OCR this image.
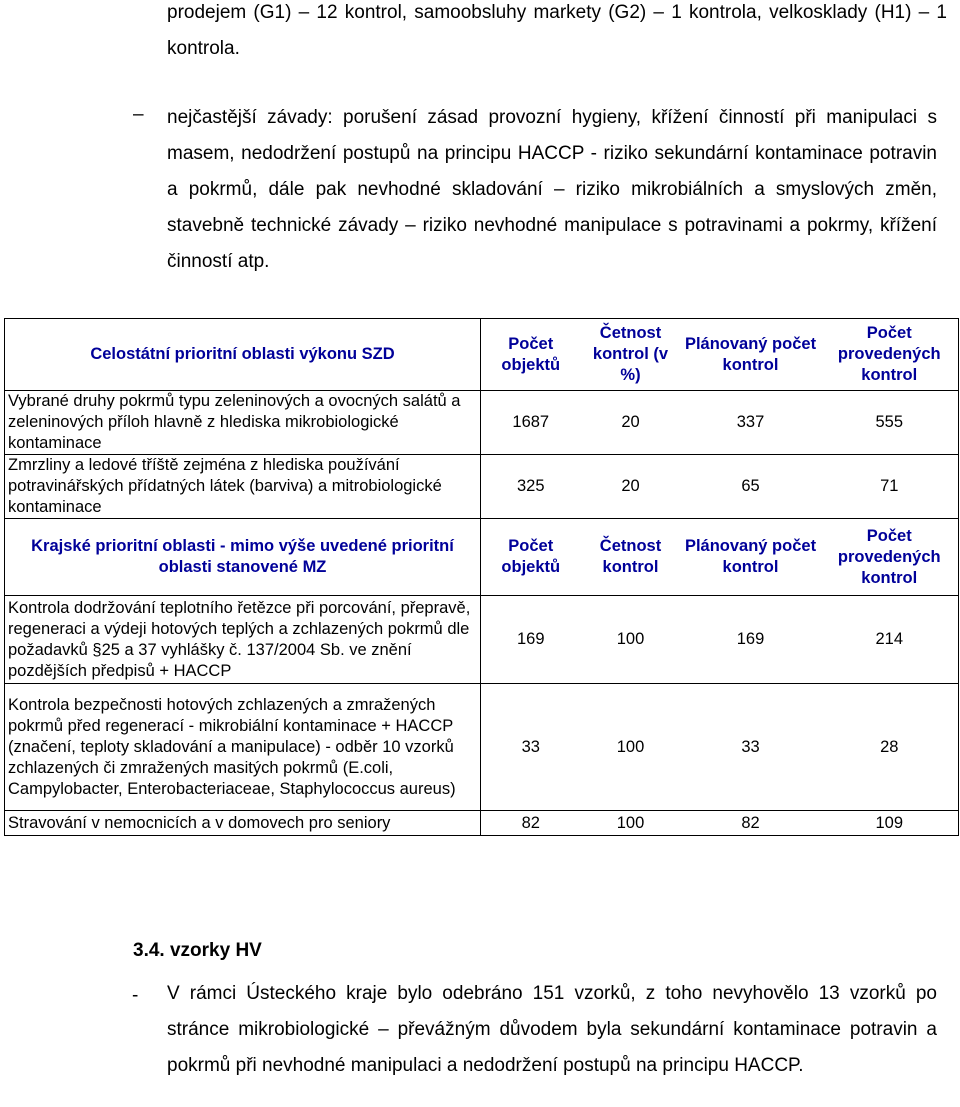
prodejem (G1) – 12 kontrol, samoobsluhy markety (G2) – 1 kontrola, velkosklady (H1) – 1 kontrola.

– nejčastější závady: porušení zásad provozní hygieny, křížení činností při manipulaci s masem, nedodržení postupů na principu HACCP - riziko sekundární kontaminace potravin a pokrmů, dále pak nevhodné skladování – riziko mikrobiálních a smyslových změn, stavebně technické závady – riziko nevhodné manipulace s potravinami a pokrmy, křížení činností atp.

Celostátní prioritní oblasti výkonu SZD	Počet objektů	Četnost kontrol (v %)	Plánovaný počet kontrol	Počet provedených kontrol
Vybrané druhy pokrmů typu zeleninových a ovocných salátů a zeleninových příloh hlavně z hlediska mikrobiologické kontaminace	1687	20	337	555
Zmrzliny a ledové tříště zejména z hlediska používání potravinářských přídatných látek (barviva) a mitrobiologické kontaminace	325	20	65	71
Krajské prioritní oblasti - mimo výše uvedené prioritní oblasti stanovené MZ	Počet objektů	Četnost kontrol	Plánovaný počet kontrol	Počet provedených kontrol
Kontrola dodržování teplotního řetězce při porcování, přepravě, regeneraci a výdeji hotových teplých a zchlazených pokrmů dle požadavků §25 a 37 vyhlášky č. 137/2004 Sb. ve znění pozdějších předpisů + HACCP	169	100	169	214
Kontrola bezpečnosti hotových zchlazených a zmražených pokrmů před regenerací - mikrobiální kontaminace + HACCP (značení, teploty skladování a manipulace) - odběr 10 vzorků zchlazených či zmražených masitých pokrmů (E.coli, Campylobacter, Enterobacteriaceae, Staphylococcus aureus)	33	100	33	28
Stravování v nemocnicích a v domovech pro seniory	82	100	82	109

3.4. vzorky HV

- V rámci Ústeckého kraje bylo odebráno 151 vzorků, z toho nevyhovělo 13 vzorků po stránce mikrobiologické – převážným důvodem byla sekundární kontaminace potravin a pokrmů při nevhodné manipulaci a nedodržení postupů na principu HACCP.
